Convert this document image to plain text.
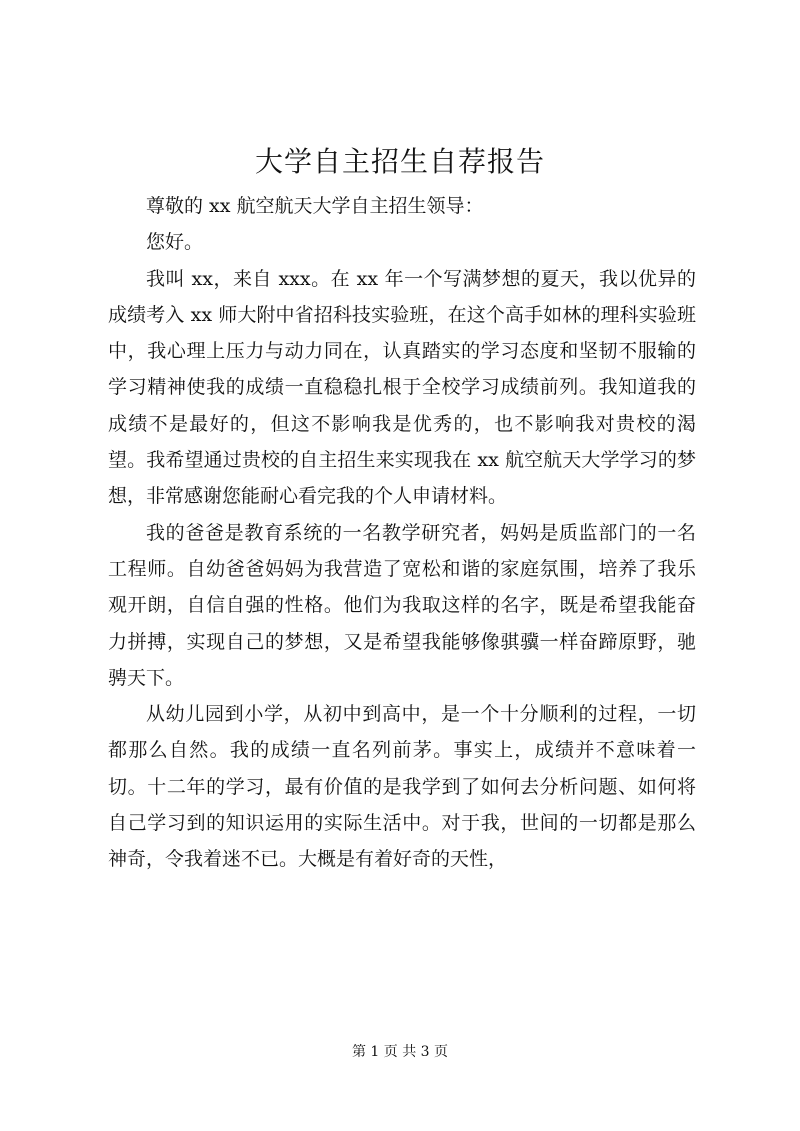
大学自主招生自荐报告

尊敬的 xx 航空航天大学自主招生领导：

您好。

我叫 xx，来自 xxx。在 xx 年一个写满梦想的夏天，我以优异的成绩考入 xx 师大附中省招科技实验班，在这个高手如林的理科实验班中，我心理上压力与动力同在，认真踏实的学习态度和坚韧不服输的学习精神使我的成绩一直稳稳扎根于全校学习成绩前列。我知道我的成绩不是最好的，但这不影响我是优秀的，也不影响我对贵校的渴望。我希望通过贵校的自主招生来实现我在 xx 航空航天大学学习的梦想，非常感谢您能耐心看完我的个人申请材料。

我的爸爸是教育系统的一名教学研究者，妈妈是质监部门的一名工程师。自幼爸爸妈妈为我营造了宽松和谐的家庭氛围，培养了我乐观开朗，自信自强的性格。他们为我取这样的名字，既是希望我能奋力拼搏，实现自己的梦想，又是希望我能够像骐骥一样奋蹄原野，驰骋天下。

从幼儿园到小学，从初中到高中，是一个十分顺利的过程，一切都那么自然。我的成绩一直名列前茅。事实上，成绩并不意味着一切。十二年的学习，最有价值的是我学到了如何去分析问题、如何将自己学习到的知识运用的实际生活中。对于我，世间的一切都是那么神奇，令我着迷不已。大概是有着好奇的天性，

第 1 页 共 3 页
